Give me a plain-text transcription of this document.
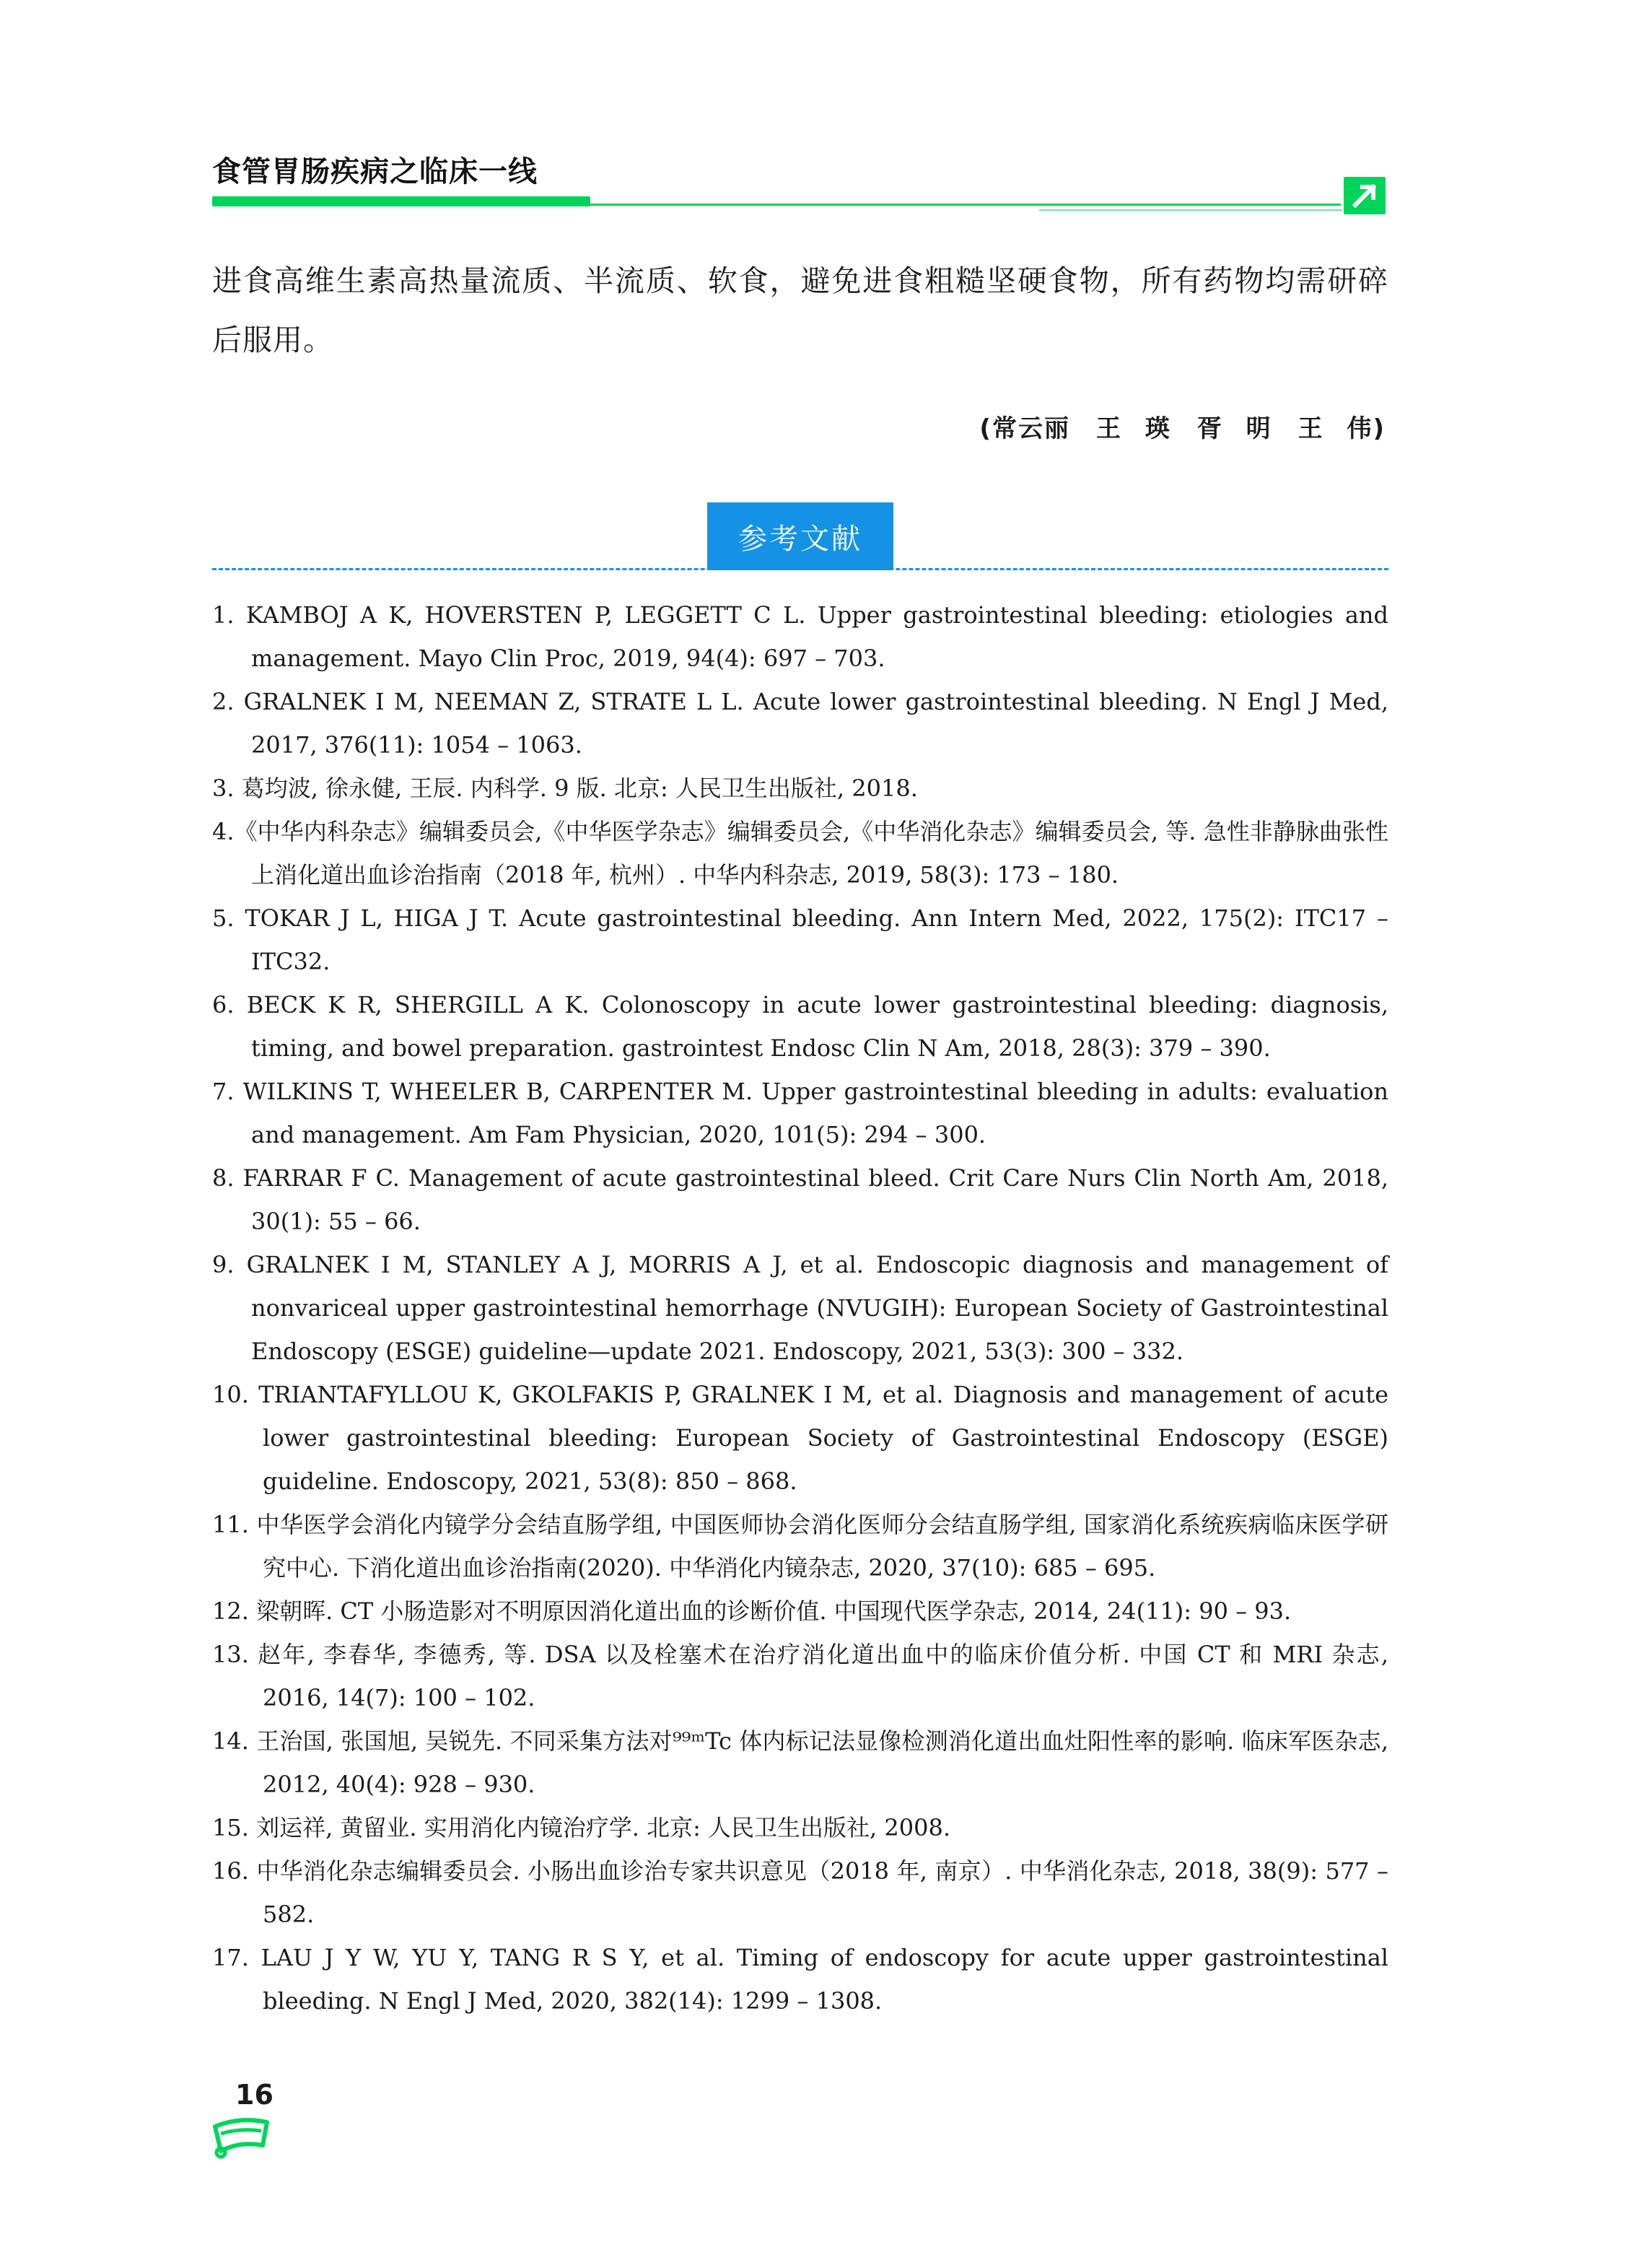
食管胃肠疾病之临床一线
进食高维生素高热量流质、半流质、软食，避免进食粗糙坚硬食物，所有药物均需研碎后服用。
(常云丽　王 瑛　胥 明　王 伟)
参考文献
1. KAMBOJ A K, HOVERSTEN P, LEGGETT C L. Upper gastrointestinal bleeding: etiologies and management. Mayo Clin Proc, 2019, 94(4): 697 – 703.
2. GRALNEK I M, NEEMAN Z, STRATE L L. Acute lower gastrointestinal bleeding. N Engl J Med, 2017, 376(11): 1054 – 1063.
3. 葛均波, 徐永健, 王辰. 内科学. 9 版. 北京: 人民卫生出版社, 2018.
4.《中华内科杂志》编辑委员会,《中华医学杂志》编辑委员会,《中华消化杂志》编辑委员会, 等. 急性非静脉曲张性上消化道出血诊治指南（2018 年, 杭州）. 中华内科杂志, 2019, 58(3): 173 – 180.
5. TOKAR J L, HIGA J T. Acute gastrointestinal bleeding. Ann Intern Med, 2022, 175(2): ITC17 – ITC32.
6. BECK K R, SHERGILL A K. Colonoscopy in acute lower gastrointestinal bleeding: diagnosis, timing, and bowel preparation. gastrointest Endosc Clin N Am, 2018, 28(3): 379 – 390.
7. WILKINS T, WHEELER B, CARPENTER M. Upper gastrointestinal bleeding in adults: evaluation and management. Am Fam Physician, 2020, 101(5): 294 – 300.
8. FARRAR F C. Management of acute gastrointestinal bleed. Crit Care Nurs Clin North Am, 2018, 30(1): 55 – 66.
9. GRALNEK I M, STANLEY A J, MORRIS A J, et al. Endoscopic diagnosis and management of nonvariceal upper gastrointestinal hemorrhage (NVUGIH): European Society of Gastrointestinal Endoscopy (ESGE) guideline—update 2021. Endoscopy, 2021, 53(3): 300 – 332.
10. TRIANTAFYLLOU K, GKOLFAKIS P, GRALNEK I M, et al. Diagnosis and management of acute lower gastrointestinal bleeding: European Society of Gastrointestinal Endoscopy (ESGE) guideline. Endoscopy, 2021, 53(8): 850 – 868.
11. 中华医学会消化内镜学分会结直肠学组, 中国医师协会消化医师分会结直肠学组, 国家消化系统疾病临床医学研究中心. 下消化道出血诊治指南(2020). 中华消化内镜杂志, 2020, 37(10): 685 – 695.
12. 梁朝晖. CT 小肠造影对不明原因消化道出血的诊断价值. 中国现代医学杂志, 2014, 24(11): 90 – 93.
13. 赵年, 李春华, 李德秀, 等. DSA 以及栓塞术在治疗消化道出血中的临床价值分析. 中国 CT 和 MRI 杂志, 2016, 14(7): 100 – 102.
14. 王治国, 张国旭, 吴锐先. 不同采集方法对⁹⁹ᵐTc 体内标记法显像检测消化道出血灶阳性率的影响. 临床军医杂志, 2012, 40(4): 928 – 930.
15. 刘运祥, 黄留业. 实用消化内镜治疗学. 北京: 人民卫生出版社, 2008.
16. 中华消化杂志编辑委员会. 小肠出血诊治专家共识意见（2018 年, 南京）. 中华消化杂志, 2018, 38(9): 577 – 582.
17. LAU J Y W, YU Y, TANG R S Y, et al. Timing of endoscopy for acute upper gastrointestinal bleeding. N Engl J Med, 2020, 382(14): 1299 – 1308.
16
